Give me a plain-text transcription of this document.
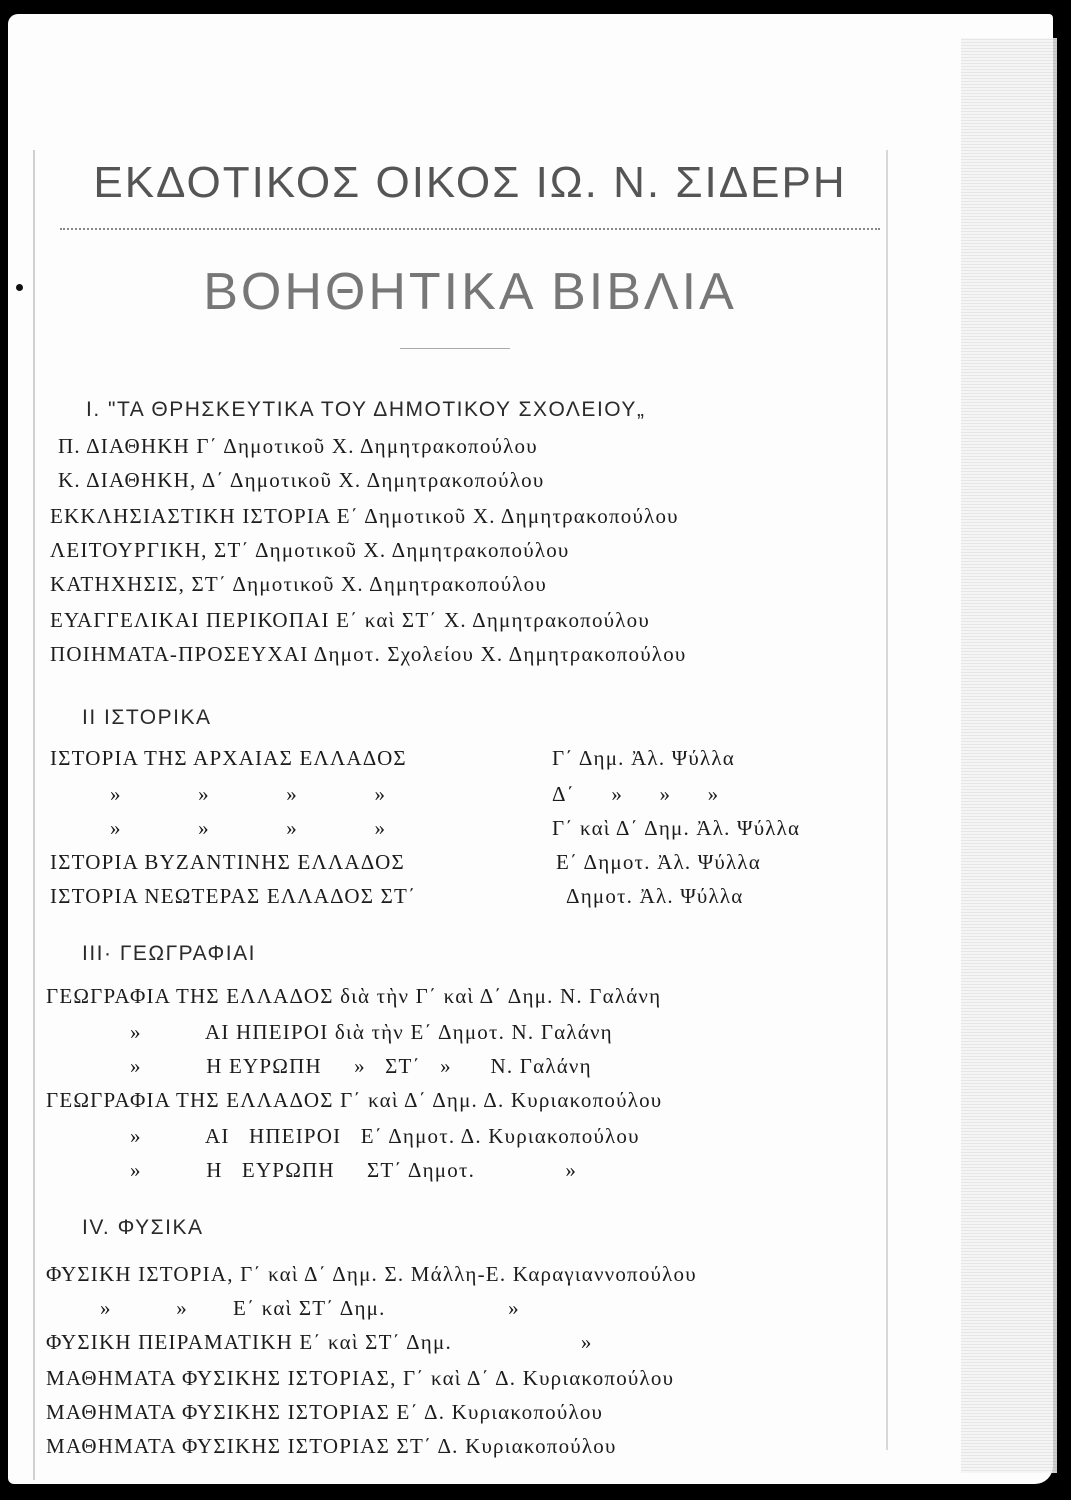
ΕΚΔΟΤΙΚΟΣ ΟΙΚΟΣ ΙΩ. Ν. ΣΙΔΕΡΗ
ΒΟΗΘΗΤΙΚΑ ΒΙΒΛΙΑ
I. "ΤΑ ΘΡΗΣΚΕΥΤΙΚΑ ΤΟΥ ΔΗΜΟΤΙΚΟΥ ΣΧΟΛΕΙΟΥ„
Π. ΔΙΑΘΗΚΗ Γ΄ Δημοτικοῦ Χ. Δημητρακοπούλου
Κ. ΔΙΑΘΗΚΗ, Δ΄ Δημοτικοῦ Χ. Δημητρακοπούλου
ΕΚΚΛΗΣΙΑΣΤΙΚΗ ΙΣΤΟΡΙΑ Ε΄ Δημοτικοῦ Χ. Δημητρακοπούλου
ΛΕΙΤΟΥΡΓΙΚΗ, ΣΤ΄ Δημοτικοῦ Χ. Δημητρακοπούλου
ΚΑΤΗΧΗΣΙΣ, ΣΤ΄ Δημοτικοῦ Χ. Δημητρακοπούλου
ΕΥΑΓΓΕΛΙΚΑΙ ΠΕΡΙΚΟΠΑΙ Ε΄ καὶ ΣΤ΄ Χ. Δημητρακοπούλου
ΠΟΙΗΜΑΤΑ-ΠΡΟΣΕΥΧΑΙ Δημοτ. Σχολείου Χ. Δημητρακοπούλου
II ΙΣΤΟΡΙΚΑ
ΙΣΤΟΡΙΑ ΤΗΣ ΑΡΧΑΙΑΣ ΕΛΛΑΔΟΣ	Γ΄ Δημ. Ἀλ. Ψύλλα
» » » »	Δ΄ » » »
» » » »	Γ΄ καὶ Δ΄ Δημ. Ἀλ. Ψύλλα
ΙΣΤΟΡΙΑ ΒΥΖΑΝΤΙΝΗΣ ΕΛΛΑΔΟΣ	Ε΄ Δημοτ. Ἀλ. Ψύλλα
ΙΣΤΟΡΙΑ ΝΕΩΤΕΡΑΣ ΕΛΛΑΔΟΣ ΣΤ΄	Δημοτ. Ἀλ. Ψύλλα
III· ΓΕΩΓΡΑΦΙΑΙ
ΓΕΩΓΡΑΦΙΑ ΤΗΣ ΕΛΛΑΔΟΣ διὰ τὴν Γ΄ καὶ Δ΄ Δημ. Ν. Γαλάνη
»          ΑΙ ΗΠΕΙΡΟΙ διὰ τὴν Ε΄ Δημοτ. Ν. Γαλάνη
»          Η ΕΥΡΩΠΗ     »   ΣΤ΄   »      Ν. Γαλάνη
ΓΕΩΓΡΑΦΙΑ ΤΗΣ ΕΛΛΑΔΟΣ Γ΄ καὶ Δ΄ Δημ. Δ. Κυριακοπούλου
»          ΑΙ   ΗΠΕΙΡΟΙ   Ε΄ Δημοτ. Δ. Κυριακοπούλου
»          Η   ΕΥΡΩΠΗ     ΣΤ΄ Δημοτ.              »
IV. ΦΥΣΙΚΑ
ΦΥΣΙΚΗ ΙΣΤΟΡΙΑ, Γ΄ καὶ Δ΄ Δημ. Σ. Μάλλη-Ε. Καραγιαννοπούλου
»          »       Ε΄ καὶ ΣΤ΄ Δημ.                   »
ΦΥΣΙΚΗ ΠΕΙΡΑΜΑΤΙΚΗ Ε΄ καὶ ΣΤ΄ Δημ.                    »
ΜΑΘΗΜΑΤΑ ΦΥΣΙΚΗΣ ΙΣΤΟΡΙΑΣ, Γ΄ καὶ Δ΄ Δ. Κυριακοπούλου
ΜΑΘΗΜΑΤΑ ΦΥΣΙΚΗΣ ΙΣΤΟΡΙΑΣ Ε΄ Δ. Κυριακοπούλου
ΜΑΘΗΜΑΤΑ ΦΥΣΙΚΗΣ ΙΣΤΟΡΙΑΣ ΣΤ΄ Δ. Κυριακοπούλου
